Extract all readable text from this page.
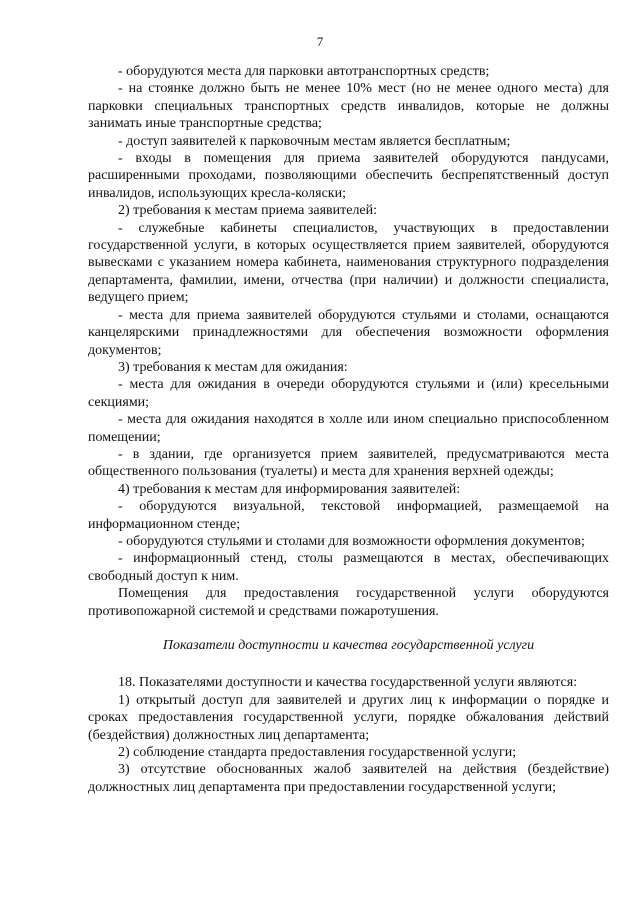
7

- оборудуются места для парковки автотранспортных средств;

- на стоянке должно быть не менее 10% мест (но не менее одного места) для парковки специальных транспортных средств инвалидов, которые не должны занимать иные транспортные средства;

- доступ заявителей к парковочным местам является бесплатным;

- входы в помещения для приема заявителей оборудуются пандусами, расширенными проходами, позволяющими обеспечить беспрепятственный доступ инвалидов, использующих кресла-коляски;

2) требования к местам приема заявителей:

- служебные кабинеты специалистов, участвующих в предоставлении государственной услуги, в которых осуществляется прием заявителей, оборудуются вывесками с указанием номера кабинета, наименования структурного подразделения департамента, фамилии, имени, отчества (при наличии) и должности специалиста, ведущего прием;

- места для приема заявителей оборудуются стульями и столами, оснащаются канцелярскими принадлежностями для обеспечения возможности оформления документов;

3) требования к местам для ожидания:

- места для ожидания в очереди оборудуются стульями и (или) кресельными секциями;

- места для ожидания находятся в холле или ином специально приспособленном помещении;

- в здании, где организуется прием заявителей, предусматриваются места общественного пользования (туалеты) и места для хранения верхней одежды;

4) требования к местам для информирования заявителей:

- оборудуются визуальной, текстовой информацией, размещаемой на информационном стенде;

- оборудуются стульями и столами для возможности оформления документов;

- информационный стенд, столы размещаются в местах, обеспечивающих свободный доступ к ним.

Помещения для предоставления государственной услуги оборудуются противопожарной системой и средствами пожаротушения.

Показатели доступности и качества государственной услуги

18. Показателями доступности и качества государственной услуги являются:

1) открытый доступ для заявителей и других лиц к информации о порядке и сроках предоставления государственной услуги, порядке обжалования действий (бездействия) должностных лиц департамента;

2) соблюдение стандарта предоставления государственной услуги;

3) отсутствие обоснованных жалоб заявителей на действия (бездействие) должностных лиц департамента при предоставлении государственной услуги;
